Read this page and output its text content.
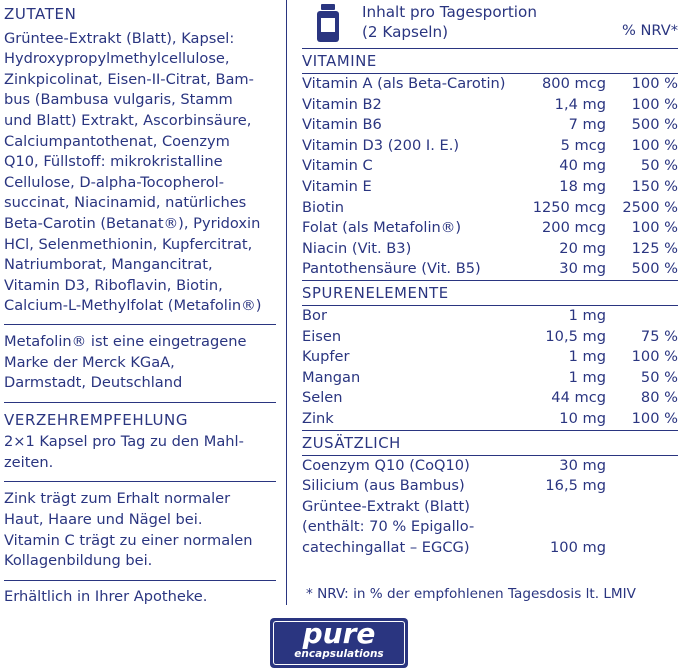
ZUTATEN

Grüntee-Extrakt (Blatt), Kapsel:
Hydroxypropylmethylcellulose,
Zinkpicolinat, Eisen-II-Citrat, Bam-
bus (Bambusa vulgaris, Stamm
und Blatt) Extrakt, Ascorbinsäure,
Calciumpantothenat, Coenzym
Q10, Füllstoff: mikrokristalline
Cellulose, D-alpha-Tocopherol-
succinat, Niacinamid, natürliches
Beta-Carotin (Betanat®), Pyridoxin
HCl, Selenmethionin, Kupfercitrat,
Natriumborat, Mangancitrat,
Vitamin D3, Riboflavin, Biotin,
Calcium-L-Methylfolat (Metafolin®)
Metafolin® ist eine eingetragene
Marke der Merck KGaA,
Darmstadt, Deutschland

VERZEHREMPFEHLUNG

2×1 Kapsel pro Tag zu den Mahl-
zeiten.
Zink trägt zum Erhalt normaler
Haut, Haare und Nägel bei.
Vitamin C trägt zu einer normalen
Kollagenbildung bei.

Erhältlich in Ihrer Apotheke.

Inhalt pro Tagesportion
(2 Kapseln)	% NRV*
VITAMINE
Vitamin A (als Beta-Carotin)	800 mcg 100 %
Vitamin B2	1,4 mg 100 %
Vitamin B6	7 mg 500 %
Vitamin D3 (200 I. E.)	5 mcg 100 %
Vitamin C	40 mg 50 %
Vitamin E	18 mg 150 %
Biotin	1250 mcg 2500 %
Folat (als Metafolin®)	200 mcg 100 %
Niacin (Vit. B3)	20 mg 125 %
Pantothensäure (Vit. B5)	30 mg 500 %
SPURENELEMENTE
Bor	1 mg
Eisen	10,5 mg 75 %
Kupfer	1 mg 100 %
Mangan	1 mg 50 %
Selen	44 mcg 80 %
Zink	10 mg 100 %
ZUSÄTZLICH
Coenzym Q10 (CoQ10)	30 mg
Silicium (aus Bambus)	16,5 mg
Grüntee-Extrakt (Blatt)
(enthält: 70 % Epigallo-
catechingallat – EGCG)	100 mg
* NRV: in % der empfohlenen Tagesdosis lt. LMIV
pure
encapsulations
